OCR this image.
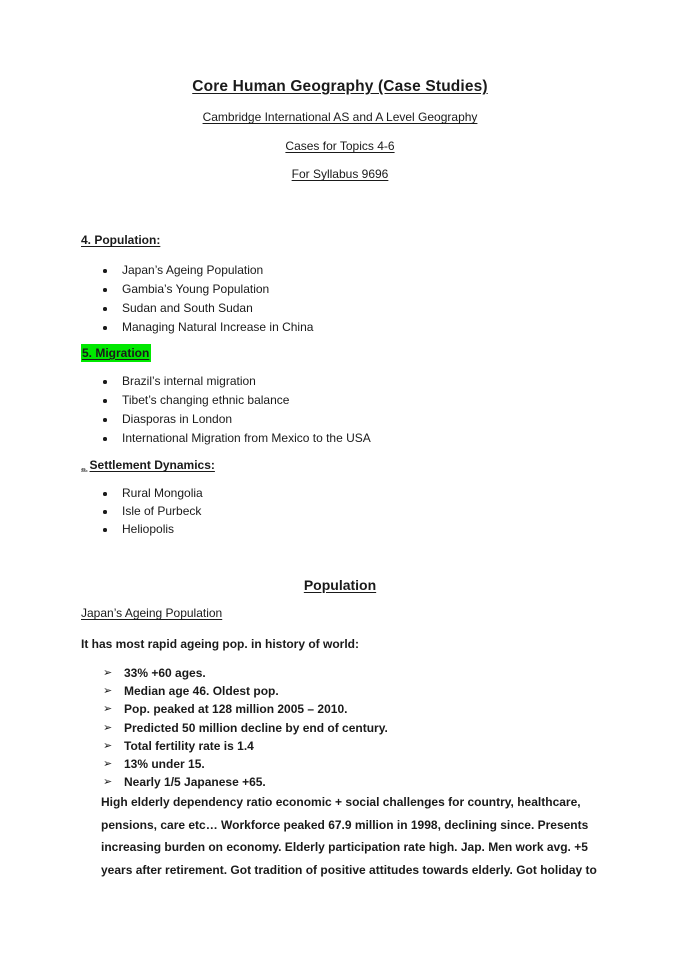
Core Human Geography (Case Studies)
Cambridge International AS and A Level Geography
Cases for Topics 4-6
For Syllabus 9696
4. Population:
Japan’s Ageing Population
Gambia’s Young Population
Sudan and South Sudan
Managing Natural Increase in China
5. Migration
Brazil’s internal migration
Tibet’s changing ethnic balance
Diasporas in London
International Migration from Mexico to the USA
6. Settlement Dynamics:
Rural Mongolia
Isle of Purbeck
Heliopolis
Population
Japan’s Ageing Population
It has most rapid ageing pop. in history of world:
➢ 33% +60 ages.
➢ Median age 46. Oldest pop.
➢ Pop. peaked at 128 million 2005 – 2010.
➢ Predicted 50 million decline by end of century.
➢ Total fertility rate is 1.4
➢ 13% under 15.
➢ Nearly 1/5 Japanese +65.
High elderly dependency ratio economic + social challenges for country, healthcare, pensions, care etc… Workforce peaked 67.9 million in 1998, declining since. Presents increasing burden on economy. Elderly participation rate high. Jap. Men work avg. +5 years after retirement. Got tradition of positive attitudes towards elderly. Got holiday to
